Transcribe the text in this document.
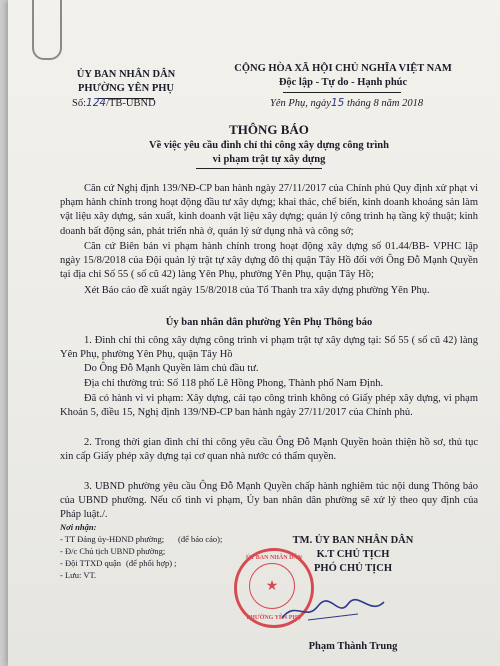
ỦY BAN NHÂN DÂN
PHƯỜNG YÊN PHỤ
CỘNG HÒA XÃ HỘI CHỦ NGHĨA VIỆT NAM
Độc lập - Tự do - Hạnh phúc
Số:124/TB-UBND	Yên Phụ, ngày15 tháng 8 năm 2018
THÔNG BÁO
Về việc yêu cầu đình chỉ thi công xây dựng công trình
vi phạm trật tự xây dựng
Căn cứ Nghị định 139/NĐ-CP ban hành ngày 27/11/2017 của Chính phủ Quy định xử phạt vi phạm hành chính trong hoạt động đầu tư xây dựng; khai thác, chế biến, kinh doanh khoáng sản làm vật liệu xây dựng, sản xuất, kinh doanh vật liệu xây dựng; quản lý công trình hạ tầng kỹ thuật; kinh doanh bất động sản, phát triển nhà ở, quản lý sử dụng nhà và công sở;
Căn cứ Biên bản vi phạm hành chính trong hoạt động xây dựng số 01.44/BB- VPHC lập ngày 15/8/2018 của Đội quản lý trật tự xây dựng đô thị quận Tây Hồ đối với Ông Đỗ Mạnh Quyền tại địa chỉ Số 55 ( số cũ 42) làng Yên Phụ, phường Yên Phụ, quận Tây Hồ;
Xét Báo cáo đề xuất ngày 15/8/2018 của Tổ Thanh tra xây dựng phường Yên Phụ.
Ủy ban nhân dân phường Yên Phụ Thông báo
1. Đình chỉ thi công xây dựng công trình vi phạm trật tự xây dựng tại: Số 55 ( số cũ 42) làng Yên Phụ, phường Yên Phụ, quận Tây Hồ
Do Ông Đỗ Mạnh Quyền làm chủ đầu tư.
Địa chỉ thường trú: Số 118 phố Lê Hồng Phong, Thành phố Nam Định.
Đã có hành vi vi phạm: Xây dựng, cải tạo công trình không có Giấy phép xây dựng, vi phạm Khoản 5, điều 15, Nghị định 139/NĐ-CP ban hành ngày 27/11/2017 của Chính phủ.
2. Trong thời gian đình chỉ thi công yêu cầu Ông Đỗ Mạnh Quyền hoàn thiện hồ sơ, thủ tục xin cấp Giấy phép xây dựng tại cơ quan nhà nước có thẩm quyền.
3. UBND phường yêu cầu Ông Đỗ Mạnh Quyền chấp hành nghiêm túc nội dung Thông báo của UBND phường. Nếu cố tình vi phạm, Ủy ban nhân dân phường sẽ xử lý theo quy định của Pháp luật./.
Nơi nhận:
- TT Đảng ủy-HĐND phường; (để báo cáo);
- Đ/c Chủ tịch UBND phường;
- Đội TTXD quận (để phối hợp) ;
- Lưu: VT.
TM. ỦY BAN NHÂN DÂN
K.T CHỦ TỊCH
PHÓ CHỦ TỊCH
ỦY BAN NHÂN DÂN
★
PHƯỜNG YÊN PHỤ
Phạm Thành Trung
